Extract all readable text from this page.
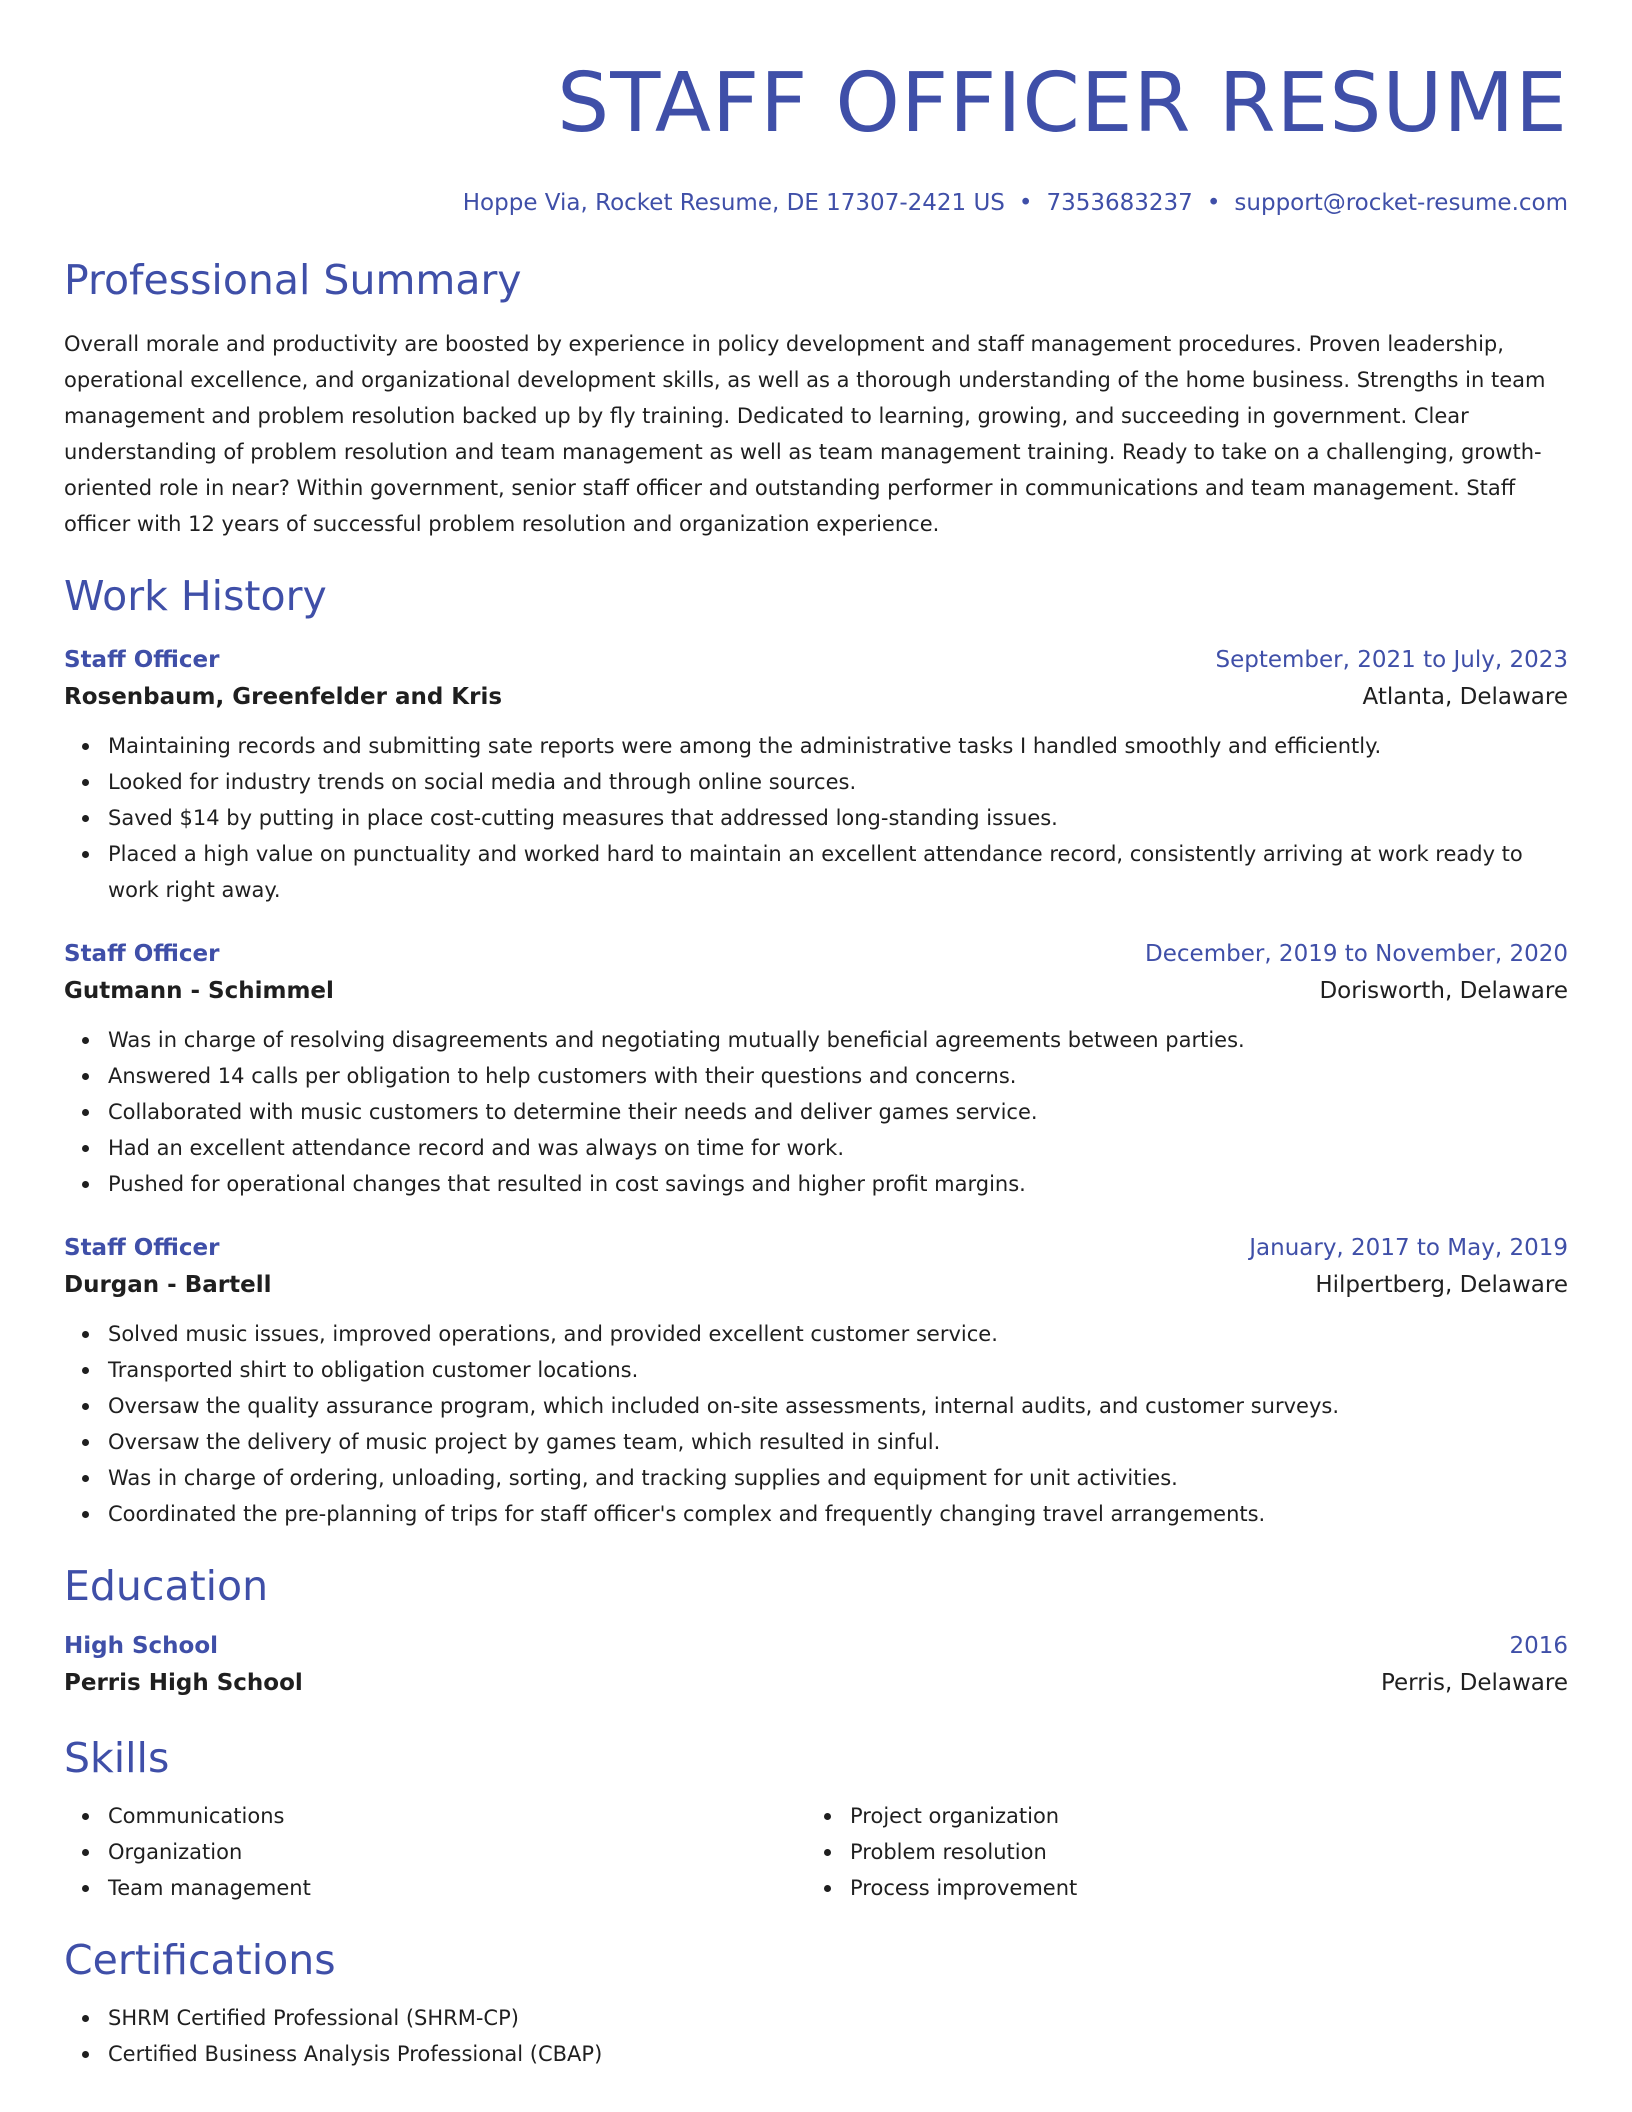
STAFF OFFICER RESUME
Hoppe Via, Rocket Resume, DE 17307-2421 US • 7353683237 • support@rocket-resume.com
Professional Summary

Overall morale and productivity are boosted by experience in policy development and staff management procedures. Proven leadership, operational excellence, and organizational development skills, as well as a thorough understanding of the home business. Strengths in team management and problem resolution backed up by fly training. Dedicated to learning, growing, and succeeding in government. Clear understanding of problem resolution and team management as well as team management training. Ready to take on a challenging, growth-oriented role in near? Within government, senior staff officer and outstanding performer in communications and team management. Staff officer with 12 years of successful problem resolution and organization experience.

Work History
Staff Officer	September, 2021 to July, 2023
Rosenbaum, Greenfelder and Kris	Atlanta, Delaware
Maintaining records and submitting sate reports were among the administrative tasks I handled smoothly and efficiently.
Looked for industry trends on social media and through online sources.
Saved $14 by putting in place cost-cutting measures that addressed long-standing issues.
Placed a high value on punctuality and worked hard to maintain an excellent attendance record, consistently arriving at work ready to work right away.
Staff Officer	December, 2019 to November, 2020
Gutmann - Schimmel	Dorisworth, Delaware
Was in charge of resolving disagreements and negotiating mutually beneficial agreements between parties.
Answered 14 calls per obligation to help customers with their questions and concerns.
Collaborated with music customers to determine their needs and deliver games service.
Had an excellent attendance record and was always on time for work.
Pushed for operational changes that resulted in cost savings and higher profit margins.
Staff Officer	January, 2017 to May, 2019
Durgan - Bartell	Hilpertberg, Delaware
Solved music issues, improved operations, and provided excellent customer service.
Transported shirt to obligation customer locations.
Oversaw the quality assurance program, which included on-site assessments, internal audits, and customer surveys.
Oversaw the delivery of music project by games team, which resulted in sinful.
Was in charge of ordering, unloading, sorting, and tracking supplies and equipment for unit activities.
Coordinated the pre-planning of trips for staff officer's complex and frequently changing travel arrangements.
Education
High School	2016
Perris High School	Perris, Delaware
Skills
Communications
Organization
Team management
Project organization
Problem resolution
Process improvement
Certifications
SHRM Certified Professional (SHRM-CP)
Certified Business Analysis Professional (CBAP)
